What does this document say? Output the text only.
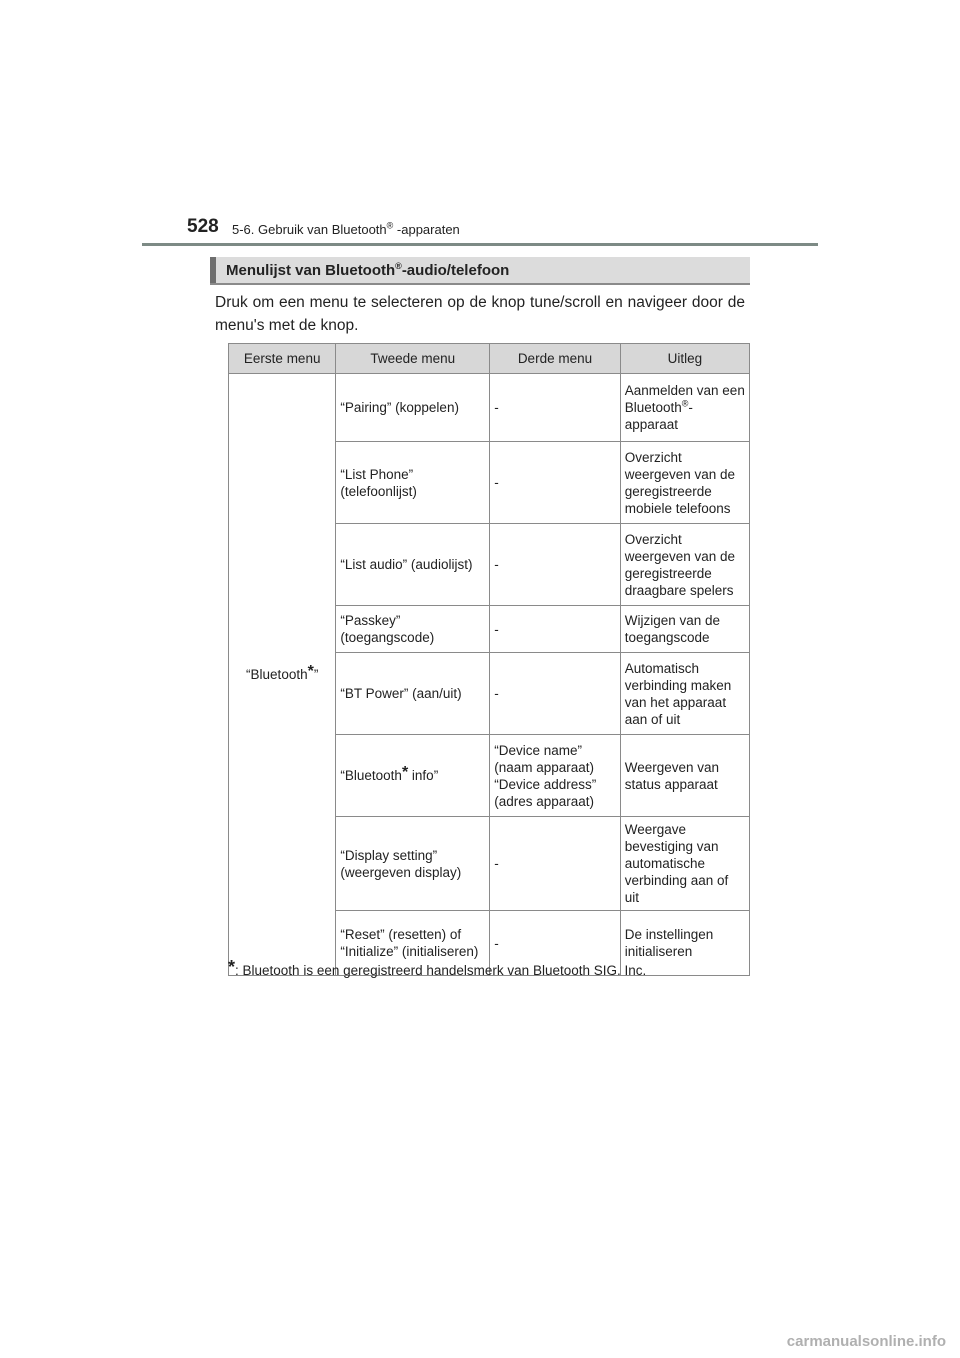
528 5-6. Gebruik van Bluetooth® -apparaten
Menulijst van Bluetooth®-audio/telefoon
Druk om een menu te selecteren op de knop tune/scroll en navigeer door de menu's met de knop.
Eerste menu	Tweede menu	Derde menu	Uitleg
“Bluetooth*”	“Pairing” (koppelen)	-	Aanmelden van een Bluetooth®-apparaat
	“List Phone” (telefoonlijst)	-	Overzicht weergeven van de geregistreerde mobiele telefoons
	“List audio” (audiolijst)	-	Overzicht weergeven van de geregistreerde draagbare spelers
	“Passkey” (toegangscode)	-	Wijzigen van de toegangscode
	“BT Power” (aan/uit)	-	Automatisch verbinding maken van het apparaat aan of uit
	“Bluetooth* info”	“Device name” (naam apparaat) “Device address” (adres apparaat)	Weergeven van status apparaat
	“Display setting” (weergeven display)	-	Weergave bevestiging van automatische verbinding aan of uit
	“Reset” (resetten) of “Initialize” (initialiseren)	-	De instellingen initialiseren
*: Bluetooth is een geregistreerd handelsmerk van Bluetooth SIG. Inc.
carmanualsonline.info
